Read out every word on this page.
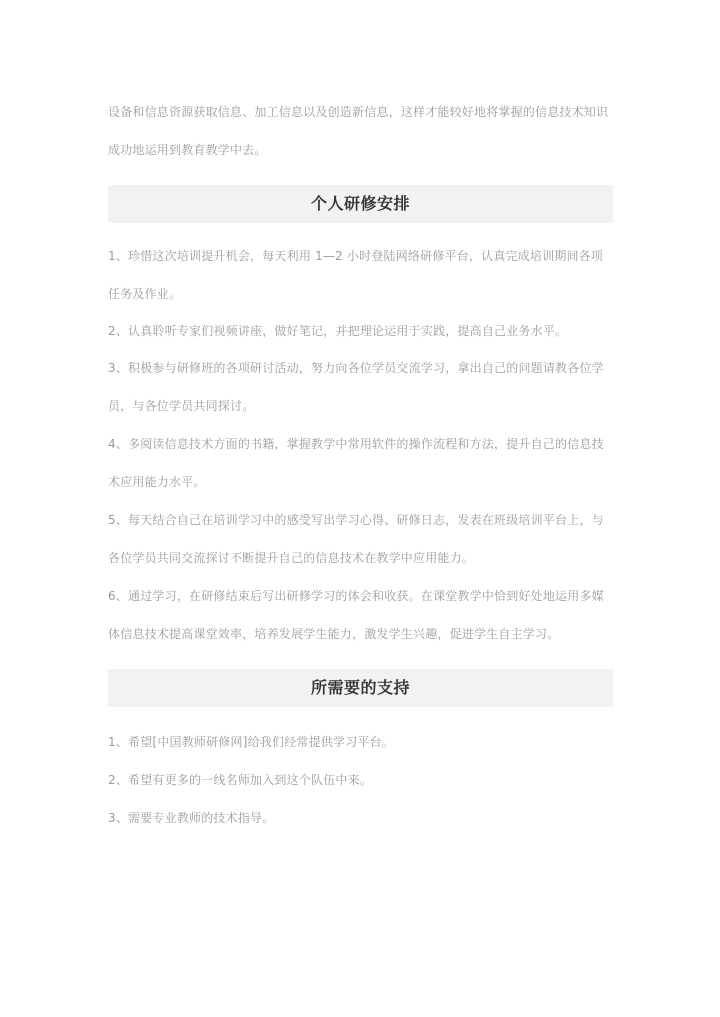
设备和信息资源获取信息、加工信息以及创造新信息，这样才能较好地将掌握的信息技术知识成功地运用到教育教学中去。

个人研修安排

1、珍惜这次培训提升机会，每天利用 1—2 小时登陆网络研修平台，认真完成培训期间各项任务及作业。

2、认真聆听专家们视频讲座，做好笔记，并把理论运用于实践，提高自己业务水平。

3、积极参与研修班的各项研讨活动，努力向各位学员交流学习，拿出自己的问题请教各位学员，与各位学员共同探讨。

4、多阅读信息技术方面的书籍，掌握教学中常用软件的操作流程和方法，提升自己的信息技术应用能力水平。

5、每天结合自己在培训学习中的感受写出学习心得、研修日志，发表在班级培训平台上，与各位学员共同交流探讨不断提升自己的信息技术在教学中应用能力。

6、通过学习，在研修结束后写出研修学习的体会和收获。在课堂教学中恰到好处地运用多媒体信息技术提高课堂效率，培养发展学生能力，激发学生兴趣，促进学生自主学习。

所需要的支持

1、希望[中国教师研修网]给我们经常提供学习平台。

2、希望有更多的一线名师加入到这个队伍中来。

3、需要专业教师的技术指导。
